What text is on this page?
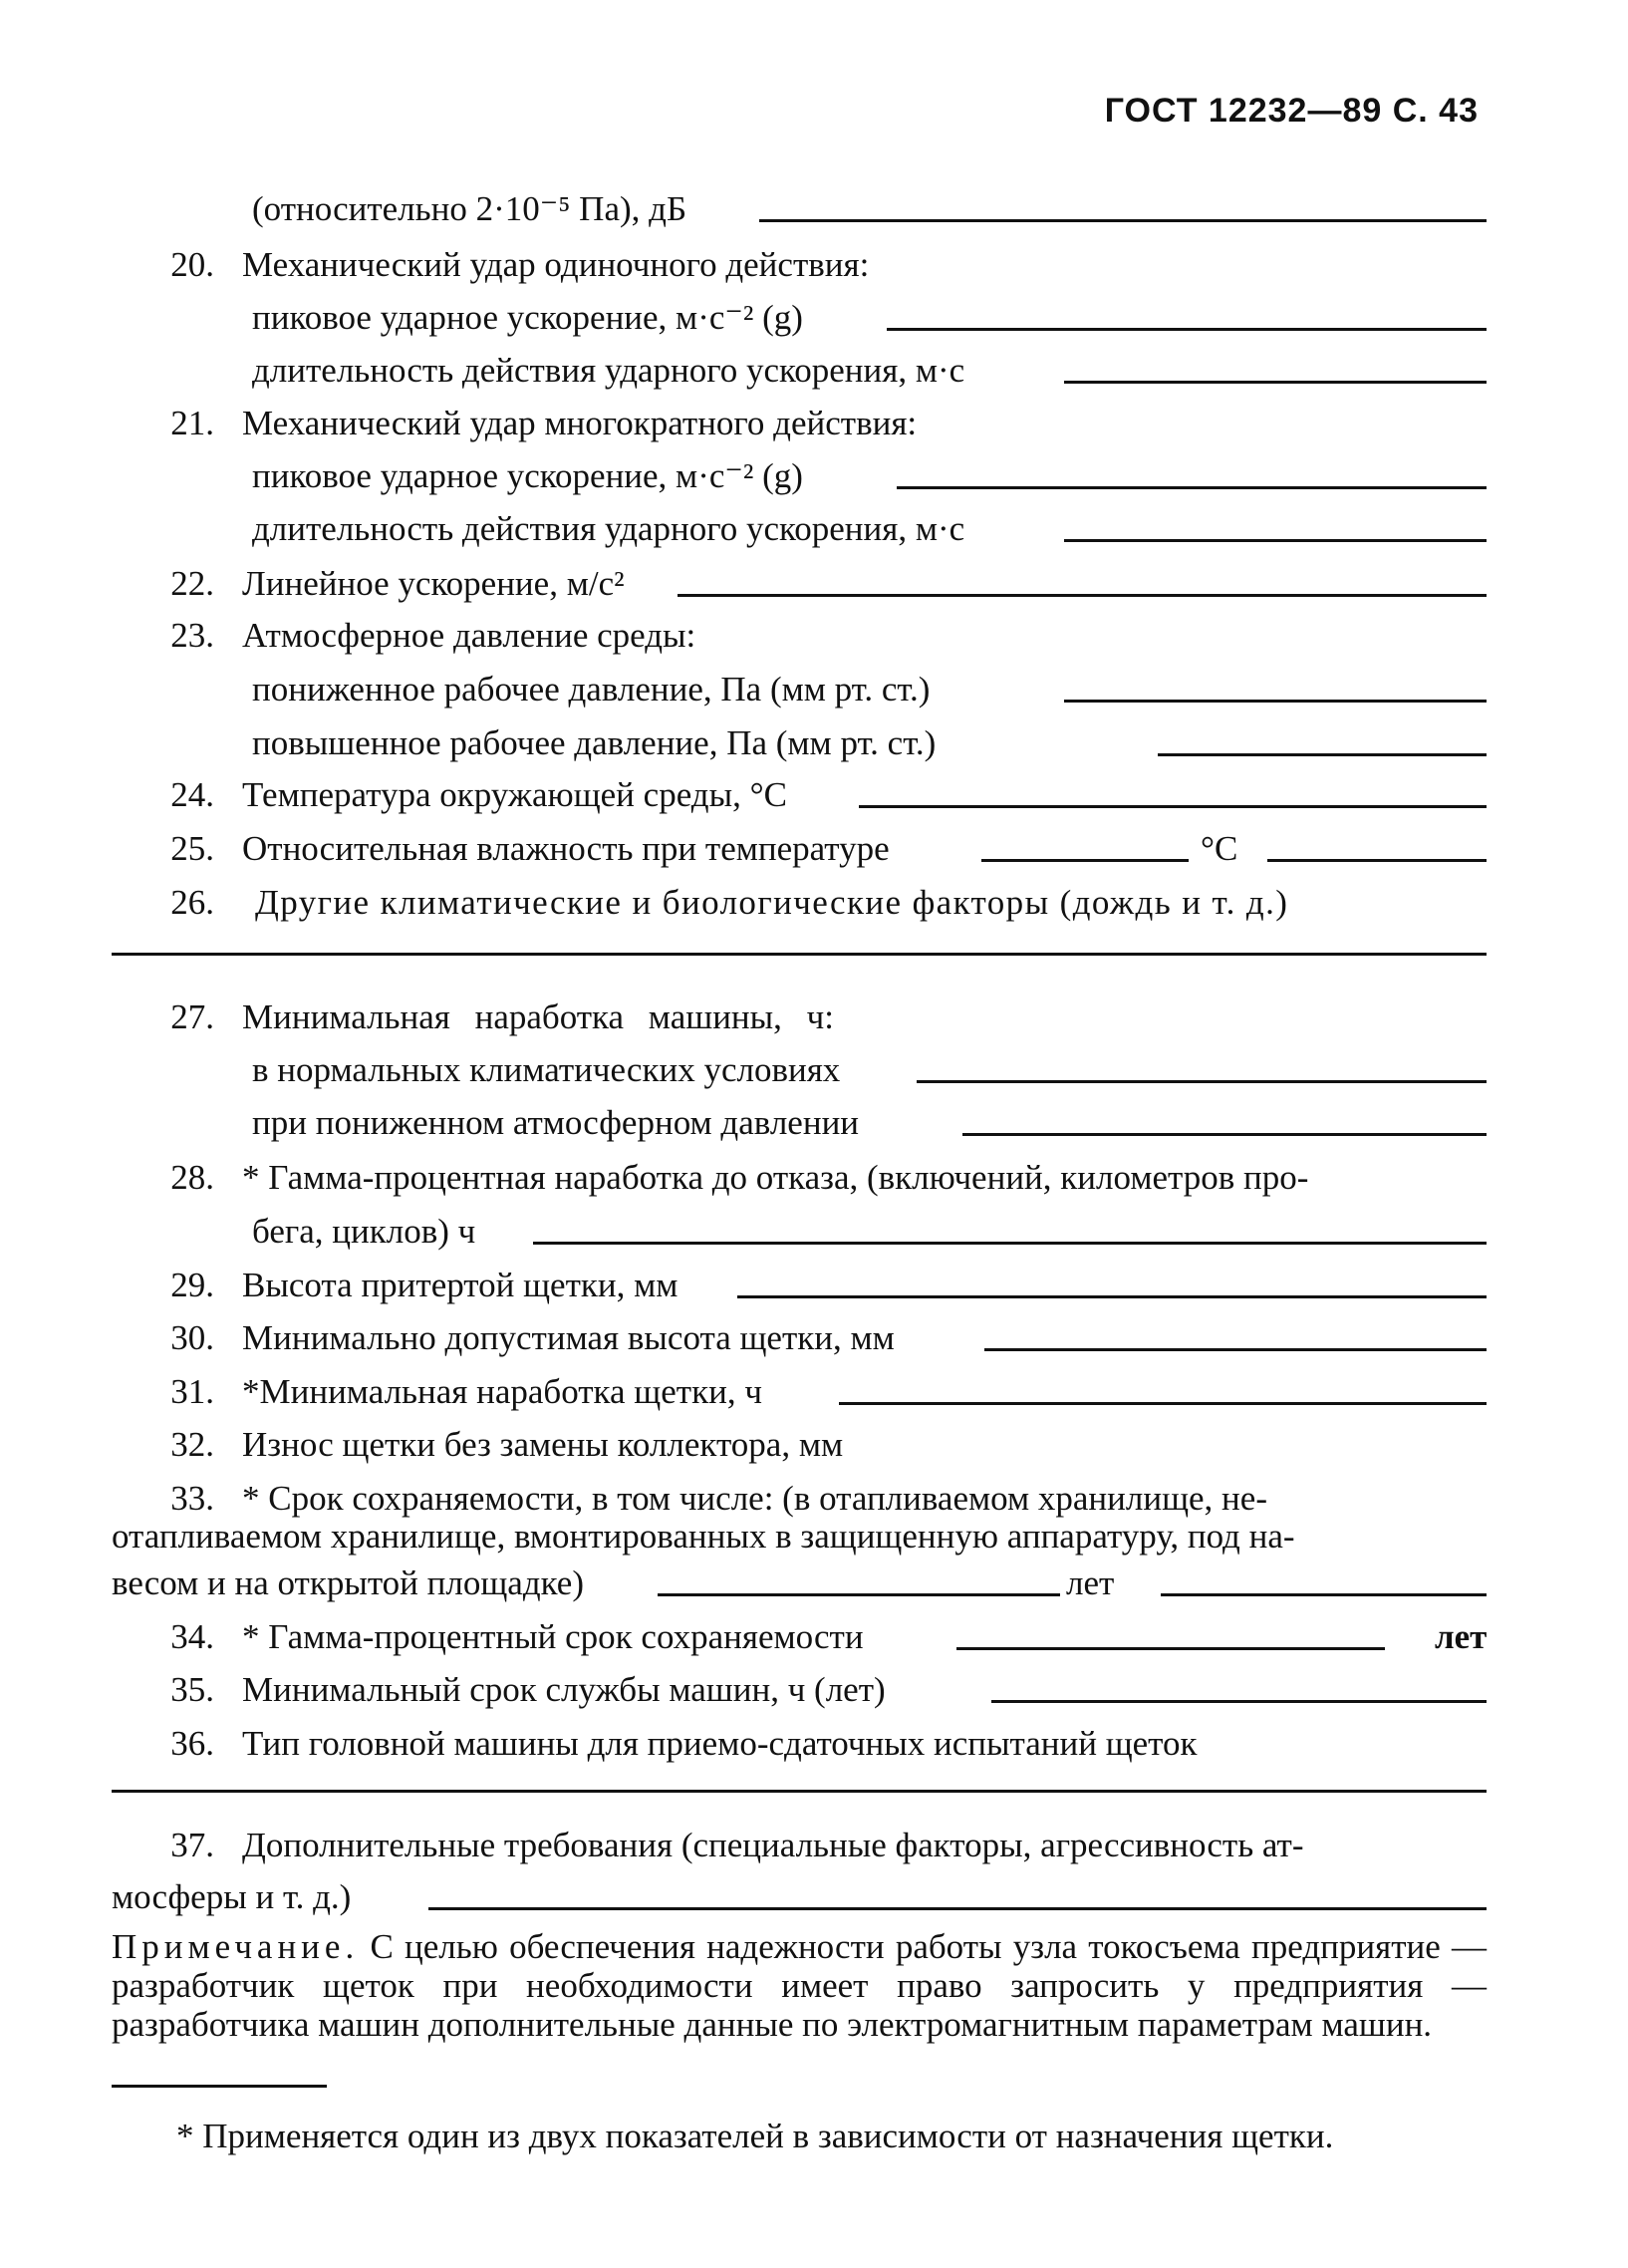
ГОСТ 12232—89 С. 43
(относительно 2·10⁻⁵ Па), дБ
20. Механический удар одиночного действия:
пиковое ударное ускорение, м·с⁻² (g)
длительность действия ударного ускорения, м·с
21. Механический удар многократного действия:
пиковое ударное ускорение, м·с⁻² (g)
длительность действия ударного ускорения, м·с
22. Линейное ускорение, м/с²
23. Атмосферное давление среды:
пониженное рабочее давление, Па (мм рт. ст.)
повышенное рабочее давление, Па (мм рт. ст.)
24. Температура окружающей среды, °C
25. Относительная влажность при температуре	°C
26. Другие климатические и биологические факторы (дождь и т. д.)
27. Минимальная наработка машины, ч:
в нормальных климатических условиях
при пониженном атмосферном давлении
28. * Гамма-процентная наработка до отказа, (включений, километров про-
бега, циклов) ч
29. Высота притертой щетки, мм
30. Минимально допустимая высота щетки, мм
31. *Минимальная наработка щетки, ч
32. Износ щетки без замены коллектора, мм
33. * Срок сохраняемости, в том числе: (в отапливаемом хранилище, не-
отапливаемом хранилище, вмонтированных в защищенную аппаратуру, под на-
весом и на открытой площадке)	лет
34. * Гамма-процентный срок сохраняемости	лет
35. Минимальный срок службы машин, ч (лет)
36. Тип головной машины для приемо-сдаточных испытаний щеток
37. Дополнительные требования (специальные факторы, агрессивность ат-
мосферы и т. д.)
Примечание. С целью обеспечения надежности работы узла токосъема предприятие — разработчик щеток при необходимости имеет право запросить у предприятия — разработчика машин дополнительные данные по электромагнитным параметрам машин.
* Применяется один из двух показателей в зависимости от назначения щетки.
